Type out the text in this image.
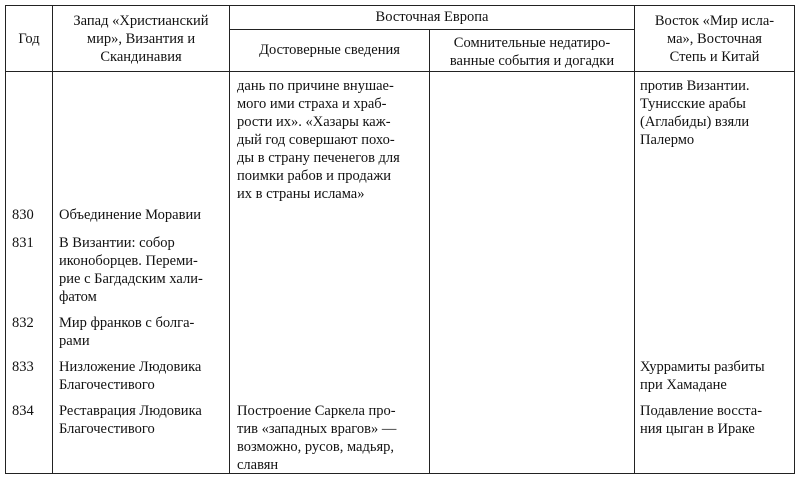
Год
Запад «Христианский
мир», Византия и
Скандинавия
Восточная Европа
Достоверные сведения	Сомнительные недатиро-
ванные события и догадки
Восток «Мир исла-
ма», Восточная
Степь и Китай
дань по причине внушае-
мого ими страха и храб-
рости их». «Хазары каж-
дый год совершают похо-
ды в страну печенегов для
поимки рабов и продажи
их в страны ислама»
против Византии.
Тунисские арабы
(Аглабиды) взяли
Палермо
830 Объединение Моравии
831 В Византии: собор
иконоборцев. Переми-
рие с Багдадским хали-
фатом
832 Мир франков с болга-
рами
833 Низложение Людовика
Благочестивого
Хуррамиты разбиты
при Хамадане
834 Реставрация Людовика
Благочестивого
Построение Саркела про-
тив «западных врагов» —
возможно, русов, мадьяр,
славян
Подавление восста-
ния цыган в Ираке
